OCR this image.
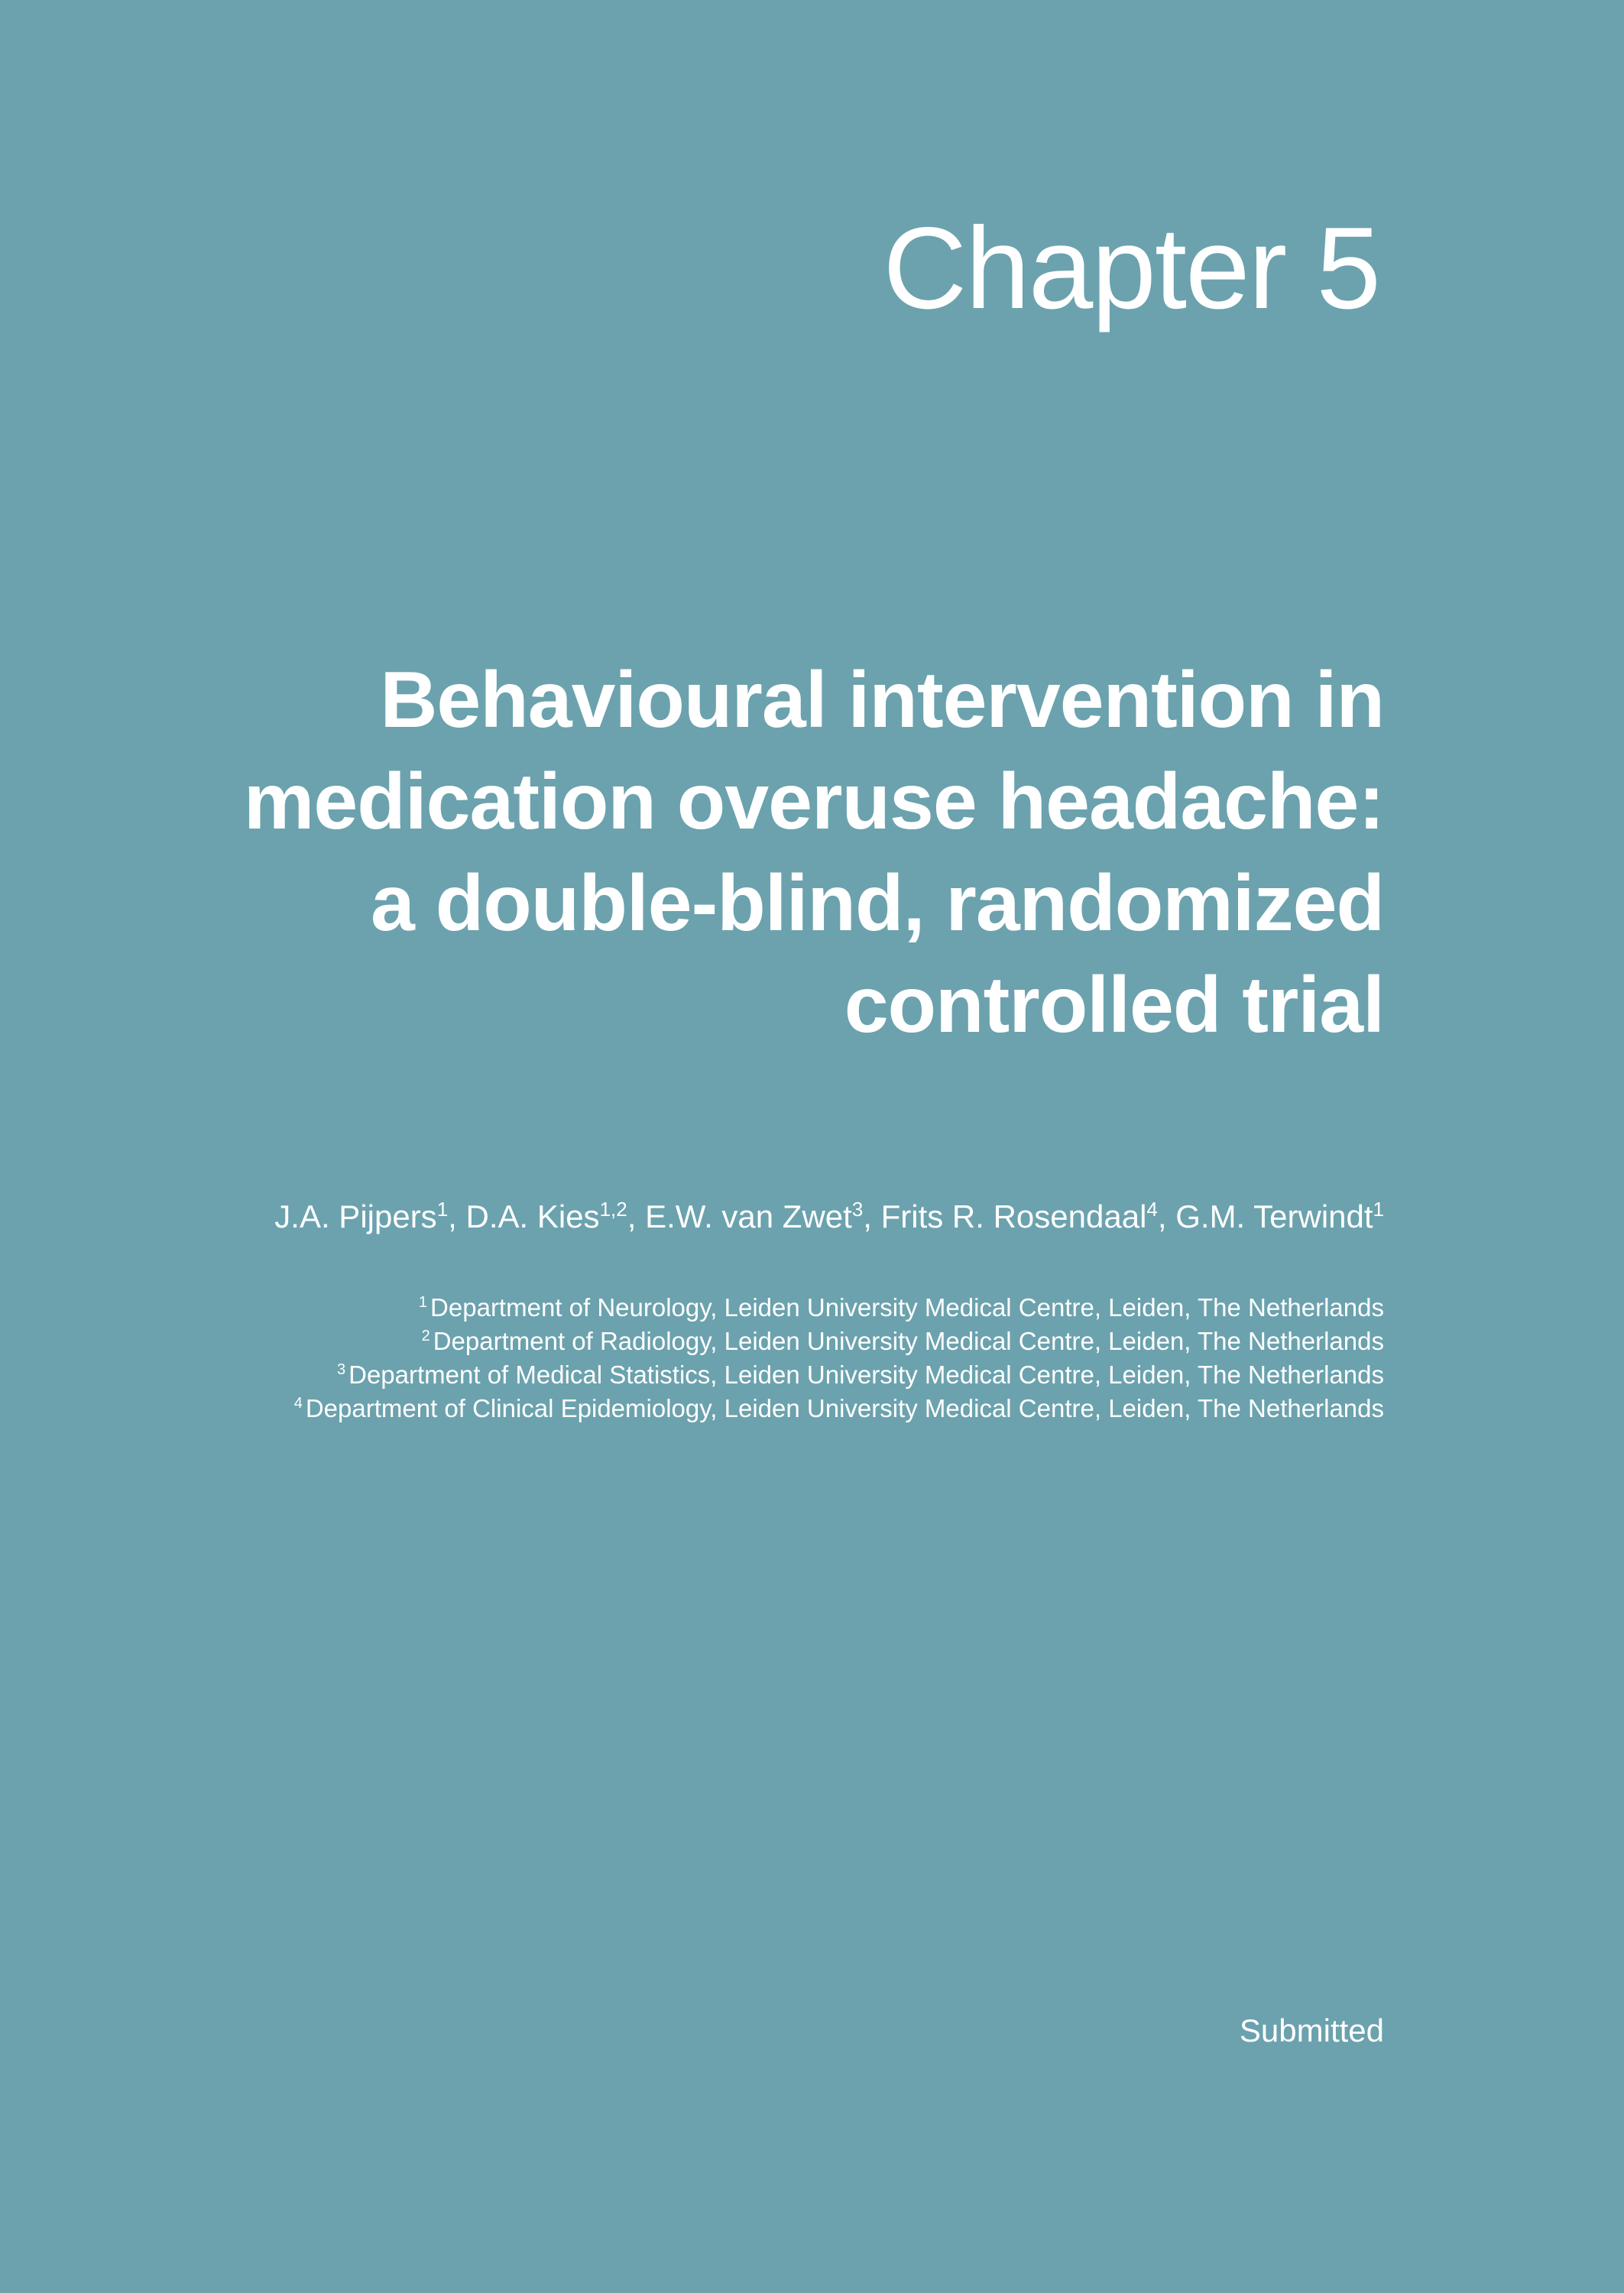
Chapter 5
Behavioural intervention in
medication overuse headache:
a double-blind, randomized
controlled trial
J.A. Pijpers$^1$, D.A. Kies$^{1,2}$, E.W. van Zwet$^3$, Frits R. Rosendaal$^4$, G.M. Terwindt$^1$
$^1$ Department of Neurology, Leiden University Medical Centre, Leiden, The Netherlands
$^2$ Department of Radiology, Leiden University Medical Centre, Leiden, The Netherlands
$^3$ Department of Medical Statistics, Leiden University Medical Centre, Leiden, The Netherlands
$^4$ Department of Clinical Epidemiology, Leiden University Medical Centre, Leiden, The Netherlands
Submitted
